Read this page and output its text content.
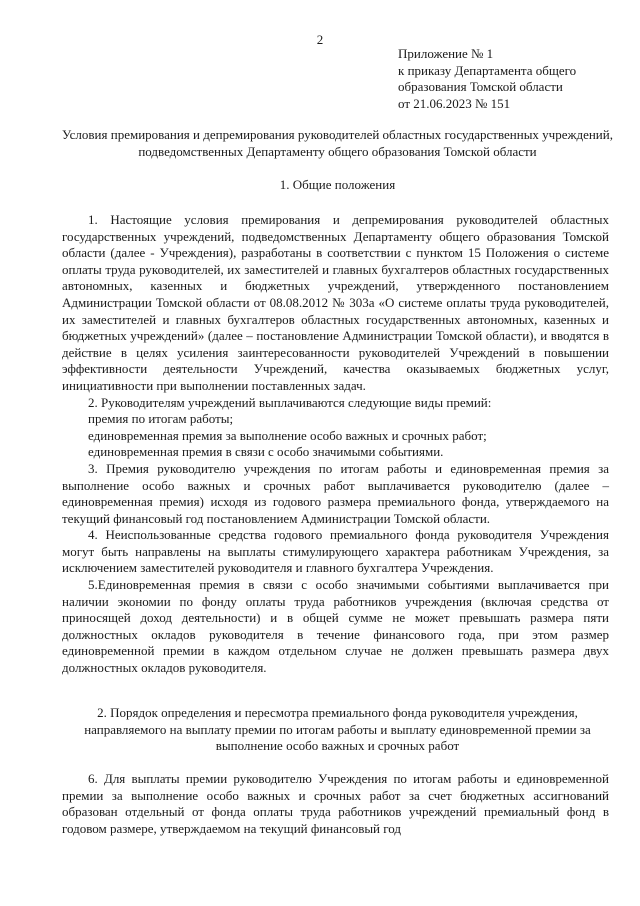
2
Приложение № 1
к приказу Департамента общего
образования Томской области
от 21.06.2023 № 151
Условия премирования и депремирования руководителей областных государственных учреждений, подведомственных Департаменту общего образования Томской области
1. Общие положения

1. Настоящие условия премирования и депремирования руководителей областных государственных учреждений, подведомственных Департаменту общего образования Томской области (далее - Учреждения), разработаны в соответствии с пунктом 15 Положения о системе оплаты труда руководителей, их заместителей и главных бухгалтеров областных государственных автономных, казенных и бюджетных учреждений, утвержденного постановлением Администрации Томской области от 08.08.2012 № 303а «О системе оплаты труда руководителей, их заместителей и главных бухгалтеров областных государственных автономных, казенных и бюджетных учреждений» (далее – постановление Администрации Томской области), и вводятся в действие в целях усиления заинтересованности руководителей Учреждений в повышении эффективности деятельности Учреждений, качества оказываемых бюджетных услуг, инициативности при выполнении поставленных задач.

2. Руководителям учреждений выплачиваются следующие виды премий:

премия по итогам работы;

единовременная премия за выполнение особо важных и срочных работ;

единовременная премия в связи с особо значимыми событиями.

3. Премия руководителю учреждения по итогам работы и единовременная премия за выполнение особо важных и срочных работ выплачивается руководителю (далее – единовременная премия) исходя из годового размера премиального фонда, утверждаемого на текущий финансовый год постановлением Администрации Томской области.

4. Неиспользованные средства годового премиального фонда руководителя Учреждения могут быть направлены на выплаты стимулирующего характера работникам Учреждения, за исключением заместителей руководителя и главного бухгалтера Учреждения.

5.Единовременная премия в связи с особо значимыми событиями выплачивается при наличии экономии по фонду оплаты труда работников учреждения (включая средства от приносящей доход деятельности) и в общей сумме не может превышать размера пяти должностных окладов руководителя в течение финансового года, при этом размер единовременной премии в каждом отдельном случае не должен превышать размера двух должностных окладов руководителя.

2. Порядок определения и пересмотра премиального фонда руководителя учреждения, направляемого на выплату премии по итогам работы и выплату единовременной премии за выполнение особо важных и срочных работ

6. Для выплаты премии руководителю Учреждения по итогам работы и единовременной премии за выполнение особо важных и срочных работ за счет бюджетных ассигнований образован отдельный от фонда оплаты труда работников учреждений премиальный фонд в годовом размере, утверждаемом на текущий финансовый год
